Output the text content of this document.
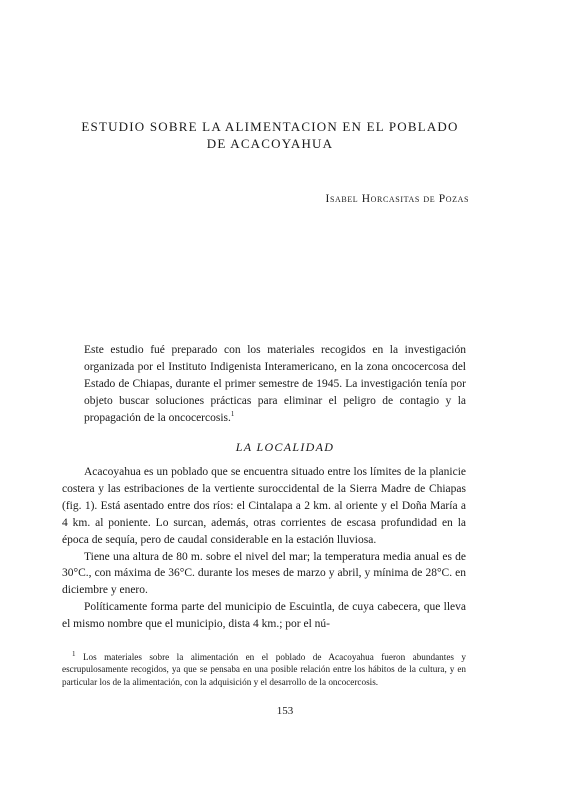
ESTUDIO SOBRE LA ALIMENTACION EN EL POBLADO
DE ACACOYAHUA
Isabel Horcasitas de Pozas
Este estudio fué preparado con los materiales recogidos en la investigación organizada por el Instituto Indigenista Interamericano, en la zona oncocercosa del Estado de Chiapas, durante el primer semestre de 1945. La investigación tenía por objeto buscar soluciones prácticas para eliminar el peligro de contagio y la propagación de la oncocercosis.$^1$
LA LOCALIDAD

Acacoyahua es un poblado que se encuentra situado entre los límites de la planicie costera y las estribaciones de la vertiente suroccidental de la Sierra Madre de Chiapas (fig. 1). Está asentado entre dos ríos: el Cintalapa a 2 km. al oriente y el Doña María a 4 km. al poniente. Lo surcan, además, otras corrientes de escasa profundidad en la época de sequía, pero de caudal considerable en la estación lluviosa.

Tiene una altura de 80 m. sobre el nivel del mar; la temperatura media anual es de 30°C., con máxima de 36°C. durante los meses de marzo y abril, y mínima de 28°C. en diciembre y enero.

Políticamente forma parte del municipio de Escuintla, de cuya cabecera, que lleva el mismo nombre que el municipio, dista 4 km.; por el nú-

$^1$ Los materiales sobre la alimentación en el poblado de Acacoyahua fueron abundantes y escrupulosamente recogidos, ya que se pensaba en una posible relación entre los hábitos de la cultura, y en particular los de la alimentación, con la adquisición y el desarrollo de la oncocercosis.

153
